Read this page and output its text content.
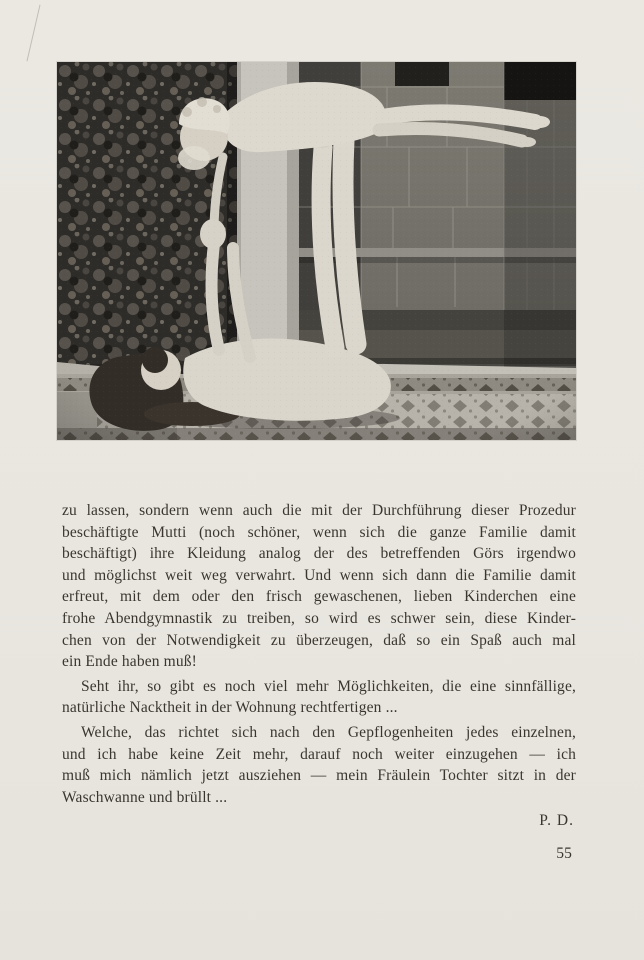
zu lassen, sondern wenn auch die mit der Durchführung dieser Prozedur
beschäftigte Mutti (noch schöner, wenn sich die ganze Familie damit
beschäftigt) ihre Kleidung analog der des betreffenden Görs irgendwo
und möglichst weit weg verwahrt. Und wenn sich dann die Familie damit
erfreut, mit dem oder den frisch gewaschenen, lieben Kinderchen eine
frohe Abendgymnastik zu treiben, so wird es schwer sein, diese Kinder-
chen von der Notwendigkeit zu überzeugen, daß so ein Spaß auch mal
ein Ende haben muß!
Seht ihr, so gibt es noch viel mehr Möglichkeiten, die eine sinnfällige,
natürliche Nacktheit in der Wohnung rechtfertigen ...
Welche, das richtet sich nach den Gepflogenheiten jedes einzelnen,
und ich habe keine Zeit mehr, darauf noch weiter einzugehen — ich
muß mich nämlich jetzt ausziehen — mein Fräulein Tochter sitzt in der
Waschwanne und brüllt ...
P. D.
55
